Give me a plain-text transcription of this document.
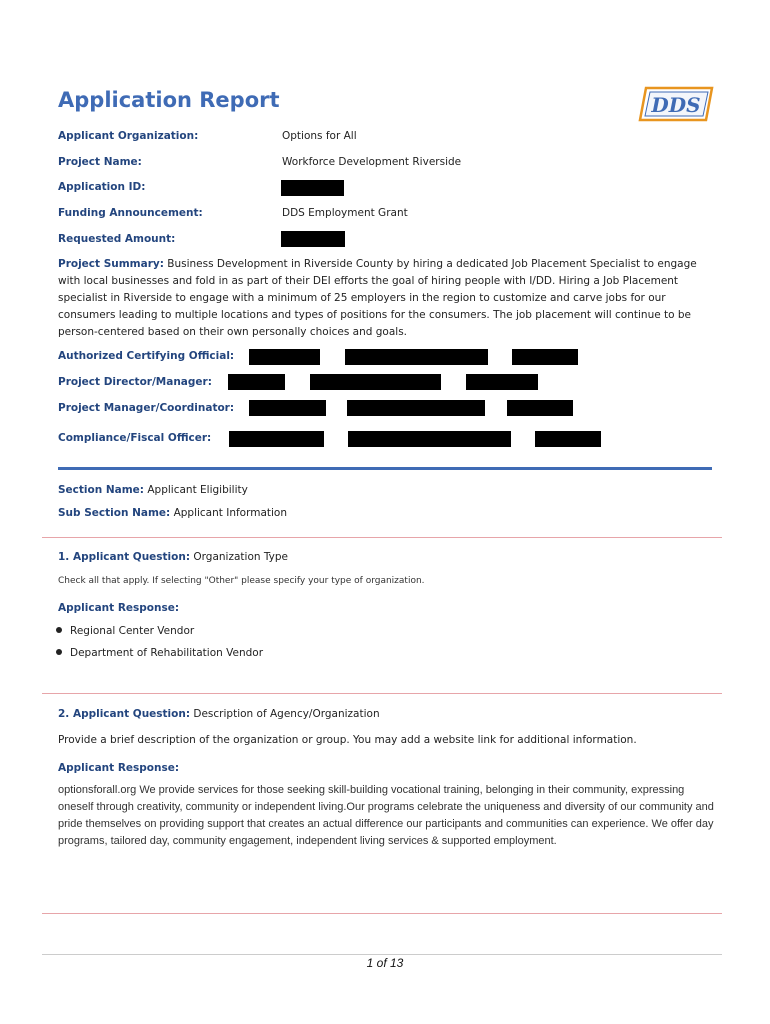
Application Report	DDS
Applicant Organization:	Options for All
Project Name:	Workforce Development Riverside
Application ID:
Funding Announcement:	DDS Employment Grant
Requested Amount:
Project Summary: Business Development in Riverside County by hiring a dedicated Job Placement Specialist to engage with local businesses and fold in as part of their DEI efforts the goal of hiring people with I/DD. Hiring a Job Placement specialist in Riverside to engage with a minimum of 25 employers in the region to customize and carve jobs for our consumers leading to multiple locations and types of positions for the consumers. The job placement will continue to be person-centered based on their own personally choices and goals.
Authorized Certifying Official:
Project Director/Manager:
Project Manager/Coordinator:
Compliance/Fiscal Officer:
Section Name: Applicant Eligibility
Sub Section Name: Applicant Information
1. Applicant Question: Organization Type
Check all that apply. If selecting "Other" please specify your type of organization.
Applicant Response:
Regional Center Vendor
Department of Rehabilitation Vendor
2. Applicant Question: Description of Agency/Organization
Provide a brief description of the organization or group. You may add a website link for additional information.
Applicant Response:
optionsforall.org We provide services for those seeking skill-building vocational training, belonging in their community, expressing oneself through creativity, community or independent living.Our programs celebrate the uniqueness and diversity of our community and pride themselves on providing support that creates an actual difference our participants and communities can experience. We offer day programs, tailored day, community engagement, independent living services & supported employment.
1 of 13
